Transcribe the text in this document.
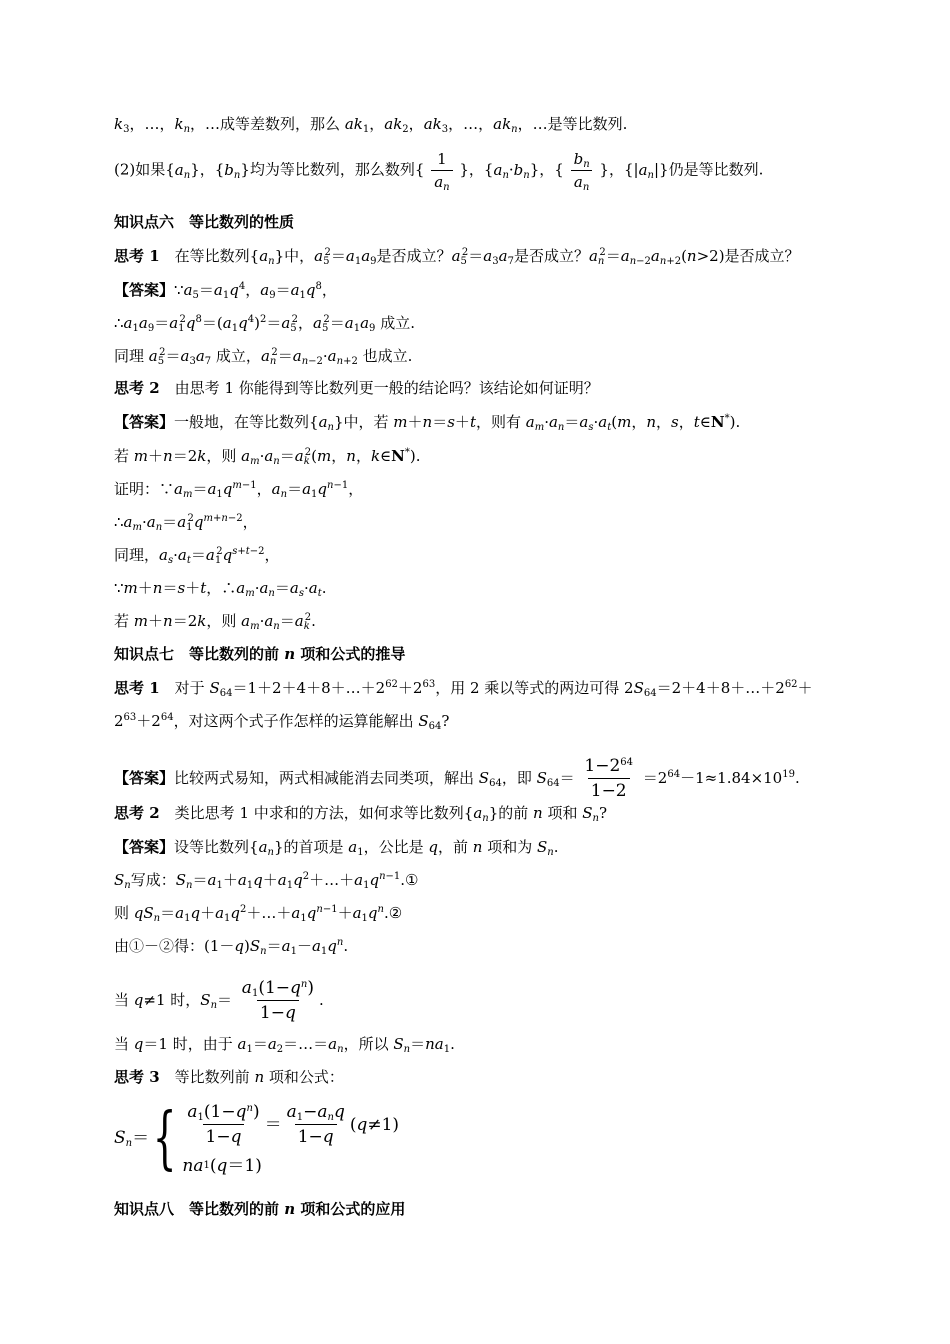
$k_3$，…，$k_n$，…成等差数列，那么 $ak_1$，$ak_2$，$ak_3$，…，$ak_n$，…是等比数列.
(2)如果$\{a_n\}$，$\{b_n\}$均为等比数列，那么数列{ $\frac{1}{a_n}$ }，$\{a_n\cdot b_n\}$，{ $\frac{b_n}{a_n}$ }，$\{|a_n|\}$仍是等比数列.
知识点六　等比数列的性质
思考 1　在等比数列$\{a_n\}$中，$a_5^2=a_1a_9$是否成立？$a_5^2=a_3a_7$是否成立？$a_n^2=a_{n-2}a_{n+2}(n>2)$是否成立？
【答案】$\because a_5=a_1q^4$，$a_9=a_1q^8$，
$\therefore a_1a_9=a_1^2q^8=(a_1q^4)^2=a_5^2$，$a_5^2=a_1a_9$ 成立.
同理 $a_5^2=a_3a_7$ 成立，$a_n^2=a_{n-2}\cdot a_{n+2}$ 也成立.
思考 2　由思考 1 你能得到等比数列更一般的结论吗？该结论如何证明？
【答案】一般地，在等比数列$\{a_n\}$中，若 m＋n＝s＋t，则有 $a_m\cdot a_n=a_s\cdot a_t(m$，n，s，t∈N*).
若 m＋n＝2k，则 $a_m\cdot a_n=a_k^2(m$，n，k∈N*).
证明：$\because a_m=a_1q^{m-1}$，$a_n=a_1q^{n-1}$，
$\therefore a_m\cdot a_n=a_1^2q^{m+n-2}$，
同理，$a_s\cdot a_t=a_1^2q^{s+t-2}$，
∵m＋n＝s＋t，$\therefore a_m\cdot a_n=a_s\cdot a_t$.
若 m＋n＝2k，则 $a_m\cdot a_n=a_k^2$.
知识点七　等比数列的前 n 项和公式的推导
思考 1　对于 $S_{64}=1+2+4+8+\dots+2^{62}+2^{63}$，用 2 乘以等式的两边可得 $2S_{64}=2+4+8+\dots+2^{62}+$
$2^{63}+2^{64}$，对这两个式子作怎样的运算能解出 $S_{64}$?
【答案】比较两式易知，两式相减能消去同类项，解出 $S_{64}$，即 $S_{64}= \frac{1-2^{64}}{1-2} =2^{64}-1\approx 1.84\times 10^{19}$.
思考 2　类比思考 1 中求和的方法，如何求等比数列$\{a_n\}$的前 n 项和 $S_n$?
【答案】设等比数列$\{a_n\}$的首项是 $a_1$，公比是 q，前 n 项和为 $S_n$.
$S_n$写成：$S_n=a_1+a_1q+a_1q^2+\dots+a_1q^{n-1}.①$
则 $qS_n=a_1q+a_1q^2+\dots+a_1q^{n-1}+a_1q^n.②$
由①－②得：$(1-q)S_n=a_1-a_1q^n$.
当 q≠1 时，$S_n= \frac{a_1(1-q^n)}{1-q}$ .
当 q＝1 时，由于 $a_1=a_2=\dots=a_n$，所以 $S_n=na_1$.
思考 3　等比数列前 n 项和公式：
$S_n=\{ \frac{a_1(1-q^n)}{1-q} = \frac{a_1-a_nq}{1-q}$ ( q ≠1)
na 1 ( q ＝1)
知识点八　等比数列的前 n 项和公式的应用
